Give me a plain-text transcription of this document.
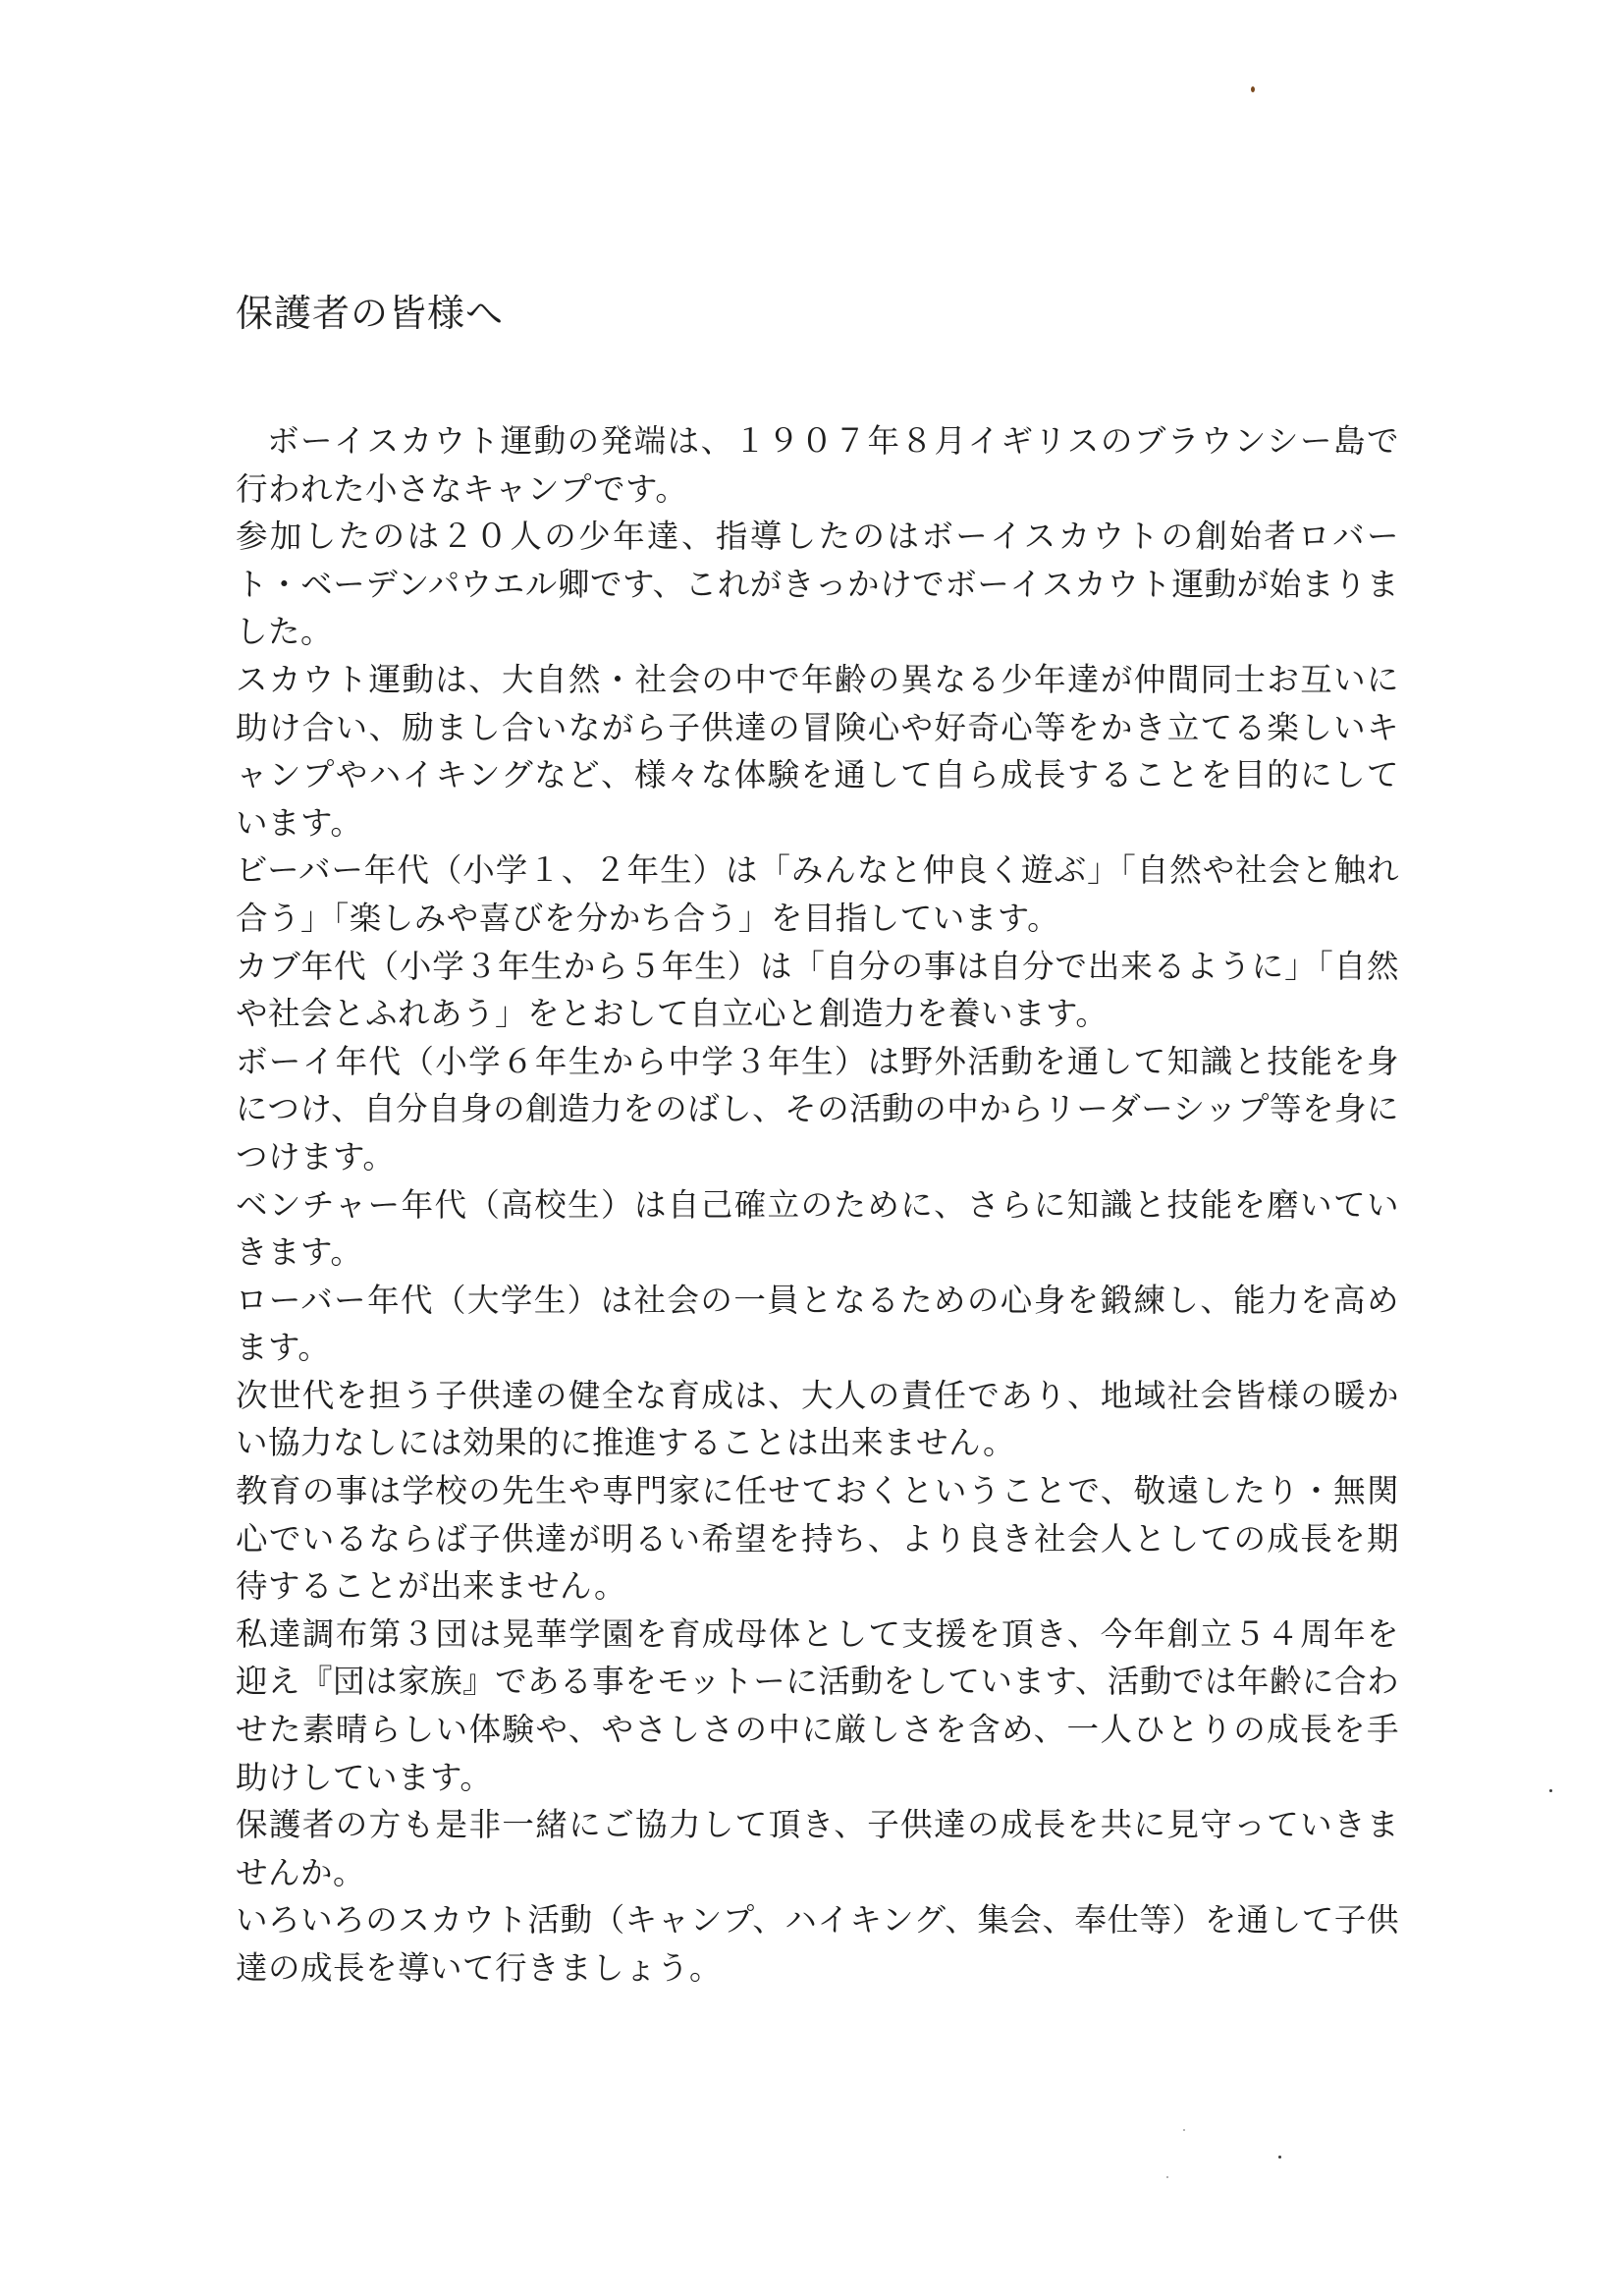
保護者の皆様へ

ボーイスカウト運動の発端は、１９０７年８月イギリスのブラウンシー島で行われた小さなキャンプです。

参加したのは２０人の少年達、指導したのはボーイスカウトの創始者ロバート・ベーデンパウエル卿です、これがきっかけでボーイスカウト運動が始まりました。

スカウト運動は、大自然・社会の中で年齢の異なる少年達が仲間同士お互いに助け合い、励まし合いながら子供達の冒険心や好奇心等をかき立てる楽しいキャンプやハイキングなど、様々な体験を通して自ら成長することを目的にしています。

ビーバー年代（小学１、２年生）は「みんなと仲良く遊ぶ」「自然や社会と触れ合う」「楽しみや喜びを分かち合う」を目指しています。

カブ年代（小学３年生から５年生）は「自分の事は自分で出来るように」「自然や社会とふれあう」をとおして自立心と創造力を養います。

ボーイ年代（小学６年生から中学３年生）は野外活動を通して知識と技能を身につけ、自分自身の創造力をのばし、その活動の中からリーダーシップ等を身につけます。

ベンチャー年代（高校生）は自己確立のために、さらに知識と技能を磨いていきます。

ローバー年代（大学生）は社会の一員となるための心身を鍛練し、能力を高めます。

次世代を担う子供達の健全な育成は、大人の責任であり、地域社会皆様の暖かい協力なしには効果的に推進することは出来ません。

教育の事は学校の先生や専門家に任せておくということで、敬遠したり・無関心でいるならば子供達が明るい希望を持ち、より良き社会人としての成長を期待することが出来ません。

私達調布第３団は晃華学園を育成母体として支援を頂き、今年創立５４周年を迎え『団は家族』である事をモットーに活動をしています、活動では年齢に合わせた素晴らしい体験や、やさしさの中に厳しさを含め、一人ひとりの成長を手助けしています。

保護者の方も是非一緒にご協力して頂き、子供達の成長を共に見守っていきませんか。

いろいろのスカウト活動（キャンプ、ハイキング、集会、奉仕等）を通して子供達の成長を導いて行きましょう。
